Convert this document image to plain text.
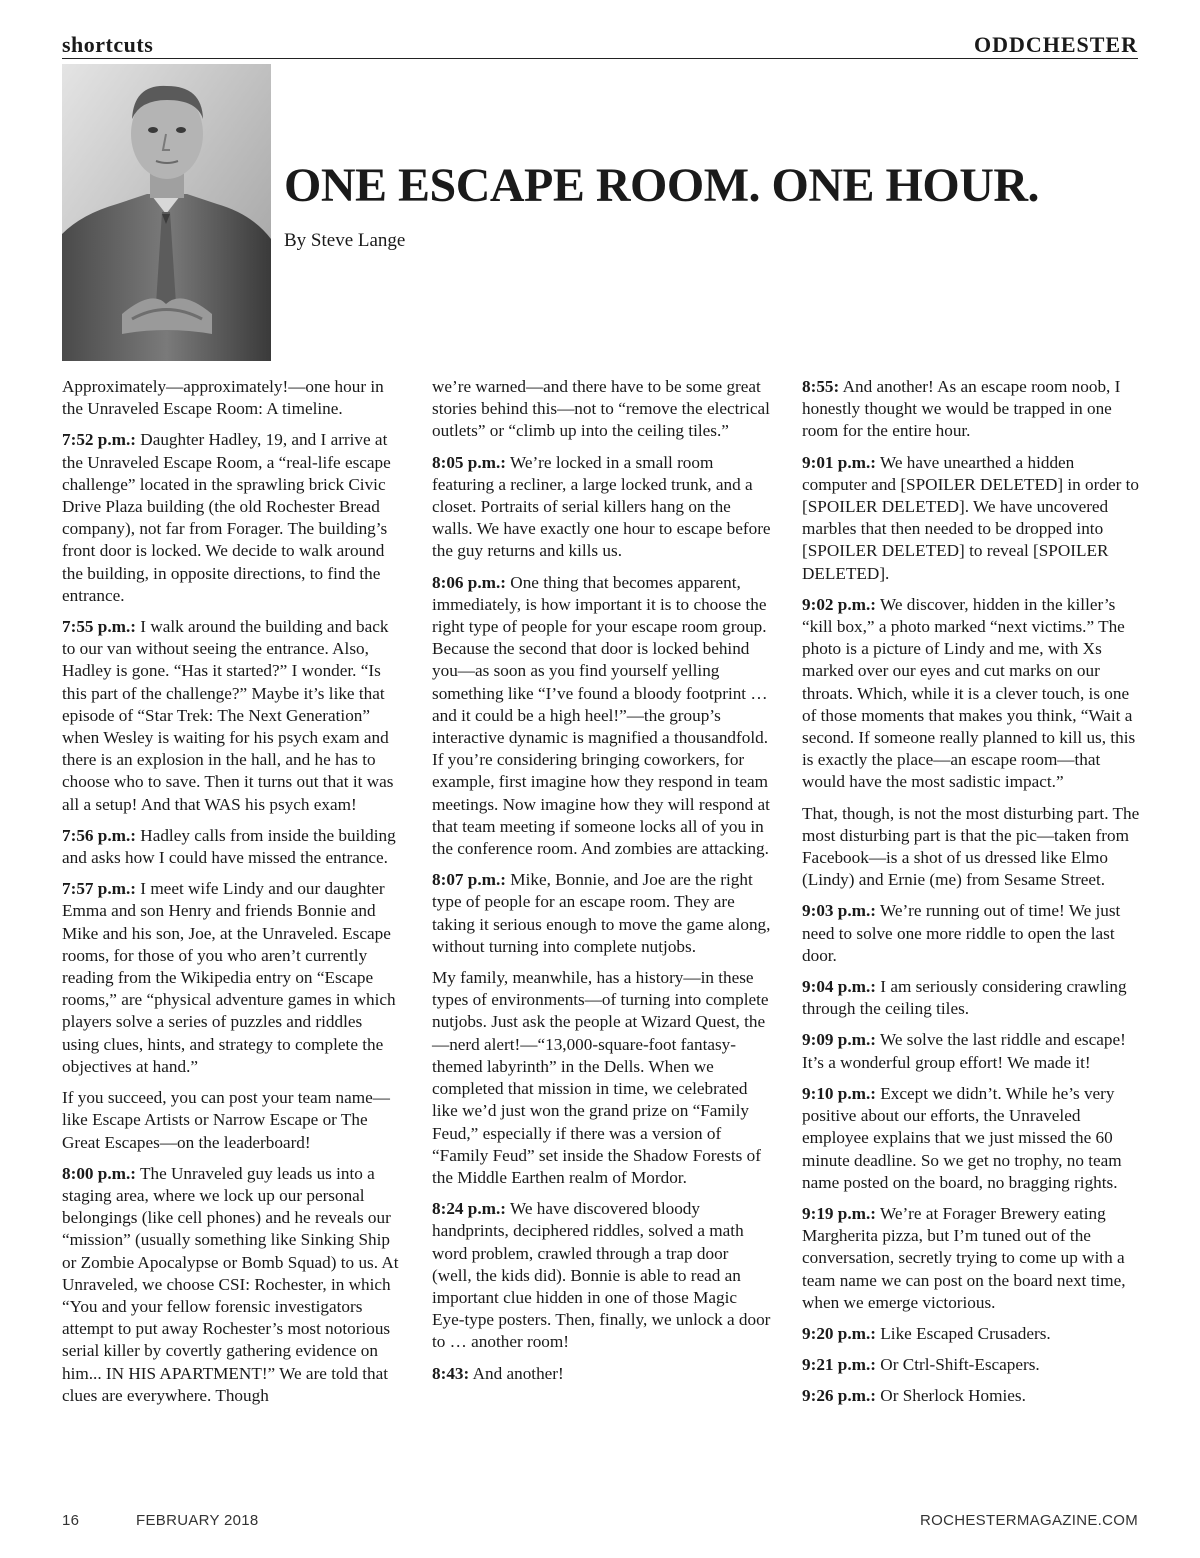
shortcuts	ODDCHESTER
ONE ESCAPE ROOM. ONE HOUR.
By Steve Lange

Approximately—approximately!—one hour in the Unraveled Escape Room: A timeline.

7:52 p.m.: Daughter Hadley, 19, and I arrive at the Unraveled Escape Room, a “real-life escape challenge” located in the sprawling brick Civic Drive Plaza building (the old Rochester Bread company), not far from Forager. The building’s front door is locked. We decide to walk around the building, in opposite directions, to find the entrance.

7:55 p.m.: I walk around the building and back to our van without seeing the entrance. Also, Hadley is gone. “Has it started?” I wonder. “Is this part of the challenge?” Maybe it’s like that episode of “Star Trek: The Next Generation” when Wesley is waiting for his psych exam and there is an explosion in the hall, and he has to choose who to save. Then it turns out that it was all a setup! And that WAS his psych exam!

7:56 p.m.: Hadley calls from inside the building and asks how I could have missed the entrance.

7:57 p.m.: I meet wife Lindy and our daughter Emma and son Henry and friends Bonnie and Mike and his son, Joe, at the Unraveled. Escape rooms, for those of you who aren’t currently reading from the Wikipedia entry on “Escape rooms,” are “physical adventure games in which players solve a series of puzzles and riddles using clues, hints, and strategy to complete the objectives at hand.”

If you succeed, you can post your team name—like Escape Artists or Narrow Escape or The Great Escapes—on the leaderboard!

8:00 p.m.: The Unraveled guy leads us into a staging area, where we lock up our personal belongings (like cell phones) and he reveals our “mission” (usually something like Sinking Ship or Zombie Apocalypse or Bomb Squad) to us. At Unraveled, we choose CSI: Rochester, in which “You and your fellow forensic investigators attempt to put away Rochester’s most notorious serial killer by covertly gathering evidence on him... IN HIS APARTMENT!” We are told that clues are everywhere. Though

we’re warned—and there have to be some great stories behind this—not to “remove the electrical outlets” or “climb up into the ceiling tiles.”

8:05 p.m.: We’re locked in a small room featuring a recliner, a large locked trunk, and a closet. Portraits of serial killers hang on the walls. We have exactly one hour to escape before the guy returns and kills us.

8:06 p.m.: One thing that becomes apparent, immediately, is how important it is to choose the right type of people for your escape room group. Because the second that door is locked behind you—as soon as you find yourself yelling something like “I’ve found a bloody footprint … and it could be a high heel!”—the group’s interactive dynamic is magnified a thousandfold. If you’re considering bringing coworkers, for example, first imagine how they respond in team meetings. Now imagine how they will respond at that team meeting if someone locks all of you in the conference room. And zombies are attacking.

8:07 p.m.: Mike, Bonnie, and Joe are the right type of people for an escape room. They are taking it serious enough to move the game along, without turning into complete nutjobs.

My family, meanwhile, has a history—in these types of environments—of turning into complete nutjobs. Just ask the people at Wizard Quest, the—nerd alert!—“13,000-square-foot fantasy-themed labyrinth” in the Dells. When we completed that mission in time, we celebrated like we’d just won the grand prize on “Family Feud,” especially if there was a version of “Family Feud” set inside the Shadow Forests of the Middle Earthen realm of Mordor.

8:24 p.m.: We have discovered bloody handprints, deciphered riddles, solved a math word problem, crawled through a trap door (well, the kids did). Bonnie is able to read an important clue hidden in one of those Magic Eye-type posters. Then, finally, we unlock a door to … another room!

8:43: And another!

8:55: And another! As an escape room noob, I honestly thought we would be trapped in one room for the entire hour.

9:01 p.m.: We have unearthed a hidden computer and [SPOILER DELETED] in order to [SPOILER DELETED]. We have uncovered marbles that then needed to be dropped into [SPOILER DELETED] to reveal [SPOILER DELETED].

9:02 p.m.: We discover, hidden in the killer’s “kill box,” a photo marked “next victims.” The photo is a picture of Lindy and me, with Xs marked over our eyes and cut marks on our throats. Which, while it is a clever touch, is one of those moments that makes you think, “Wait a second. If someone really planned to kill us, this is exactly the place—an escape room—that would have the most sadistic impact.”

That, though, is not the most disturbing part. The most disturbing part is that the pic—taken from Facebook—is a shot of us dressed like Elmo (Lindy) and Ernie (me) from Sesame Street.

9:03 p.m.: We’re running out of time! We just need to solve one more riddle to open the last door.

9:04 p.m.: I am seriously considering crawling through the ceiling tiles.

9:09 p.m.: We solve the last riddle and escape! It’s a wonderful group effort! We made it!

9:10 p.m.: Except we didn’t. While he’s very positive about our efforts, the Unraveled employee explains that we just missed the 60 minute deadline. So we get no trophy, no team name posted on the board, no bragging rights.

9:19 p.m.: We’re at Forager Brewery eating Margherita pizza, but I’m tuned out of the conversation, secretly trying to come up with a team name we can post on the board next time, when we emerge victorious.

9:20 p.m.: Like Escaped Crusaders.

9:21 p.m.: Or Ctrl-Shift-Escapers.

9:26 p.m.: Or Sherlock Homies.

16	FEBRUARY 2018	ROCHESTERMAGAZINE.COM
